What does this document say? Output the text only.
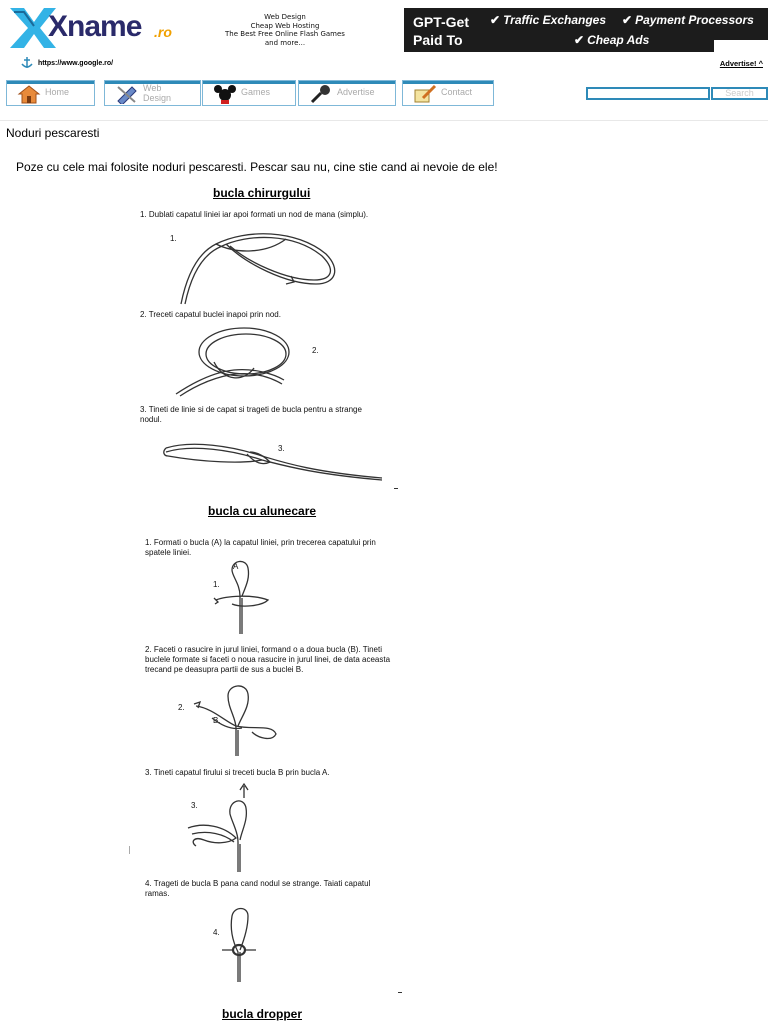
Xname .ro
Web Design
Cheap Web Hosting
The Best Free Online Flash Games
and more...
GPT-Get
Paid To
✔ Traffic Exchanges ✔ Payment Processors
✔ Cheap Ads
https://www.google.ro/	Advertise! ^
Home	Web
Design
Games	Advertise	Contact	Search
Noduri pescaresti
Poze cu cele mai folosite noduri pescaresti. Pescar sau nu, cine stie cand ai nevoie de ele!
bucla chirurgului
1. Dublati capatul liniei iar apoi formati un nod de mana (simplu).
1.
2. Treceti capatul buclei inapoi prin nod.
2.
3. Tineti de linie si de capat si trageti de bucla pentru a strange nodul.
3.
bucla cu alunecare
1. Formati o bucla (A) la capatul liniei, prin trecerea capatului prin spatele liniei.
1.
A
2. Faceti o rasucire in jurul liniei, formand o a doua bucla (B). Tineti buclele formate si faceti o noua rasucire in jurul linei, de data aceasta trecand pe deasupra partii de sus a buclei B.
2.
B.
3. Tineti capatul firului si treceti bucla B prin bucla A.
3.
4. Trageti de bucla B pana cand nodul se strange. Taiati capatul ramas.
4.
bucla dropper
